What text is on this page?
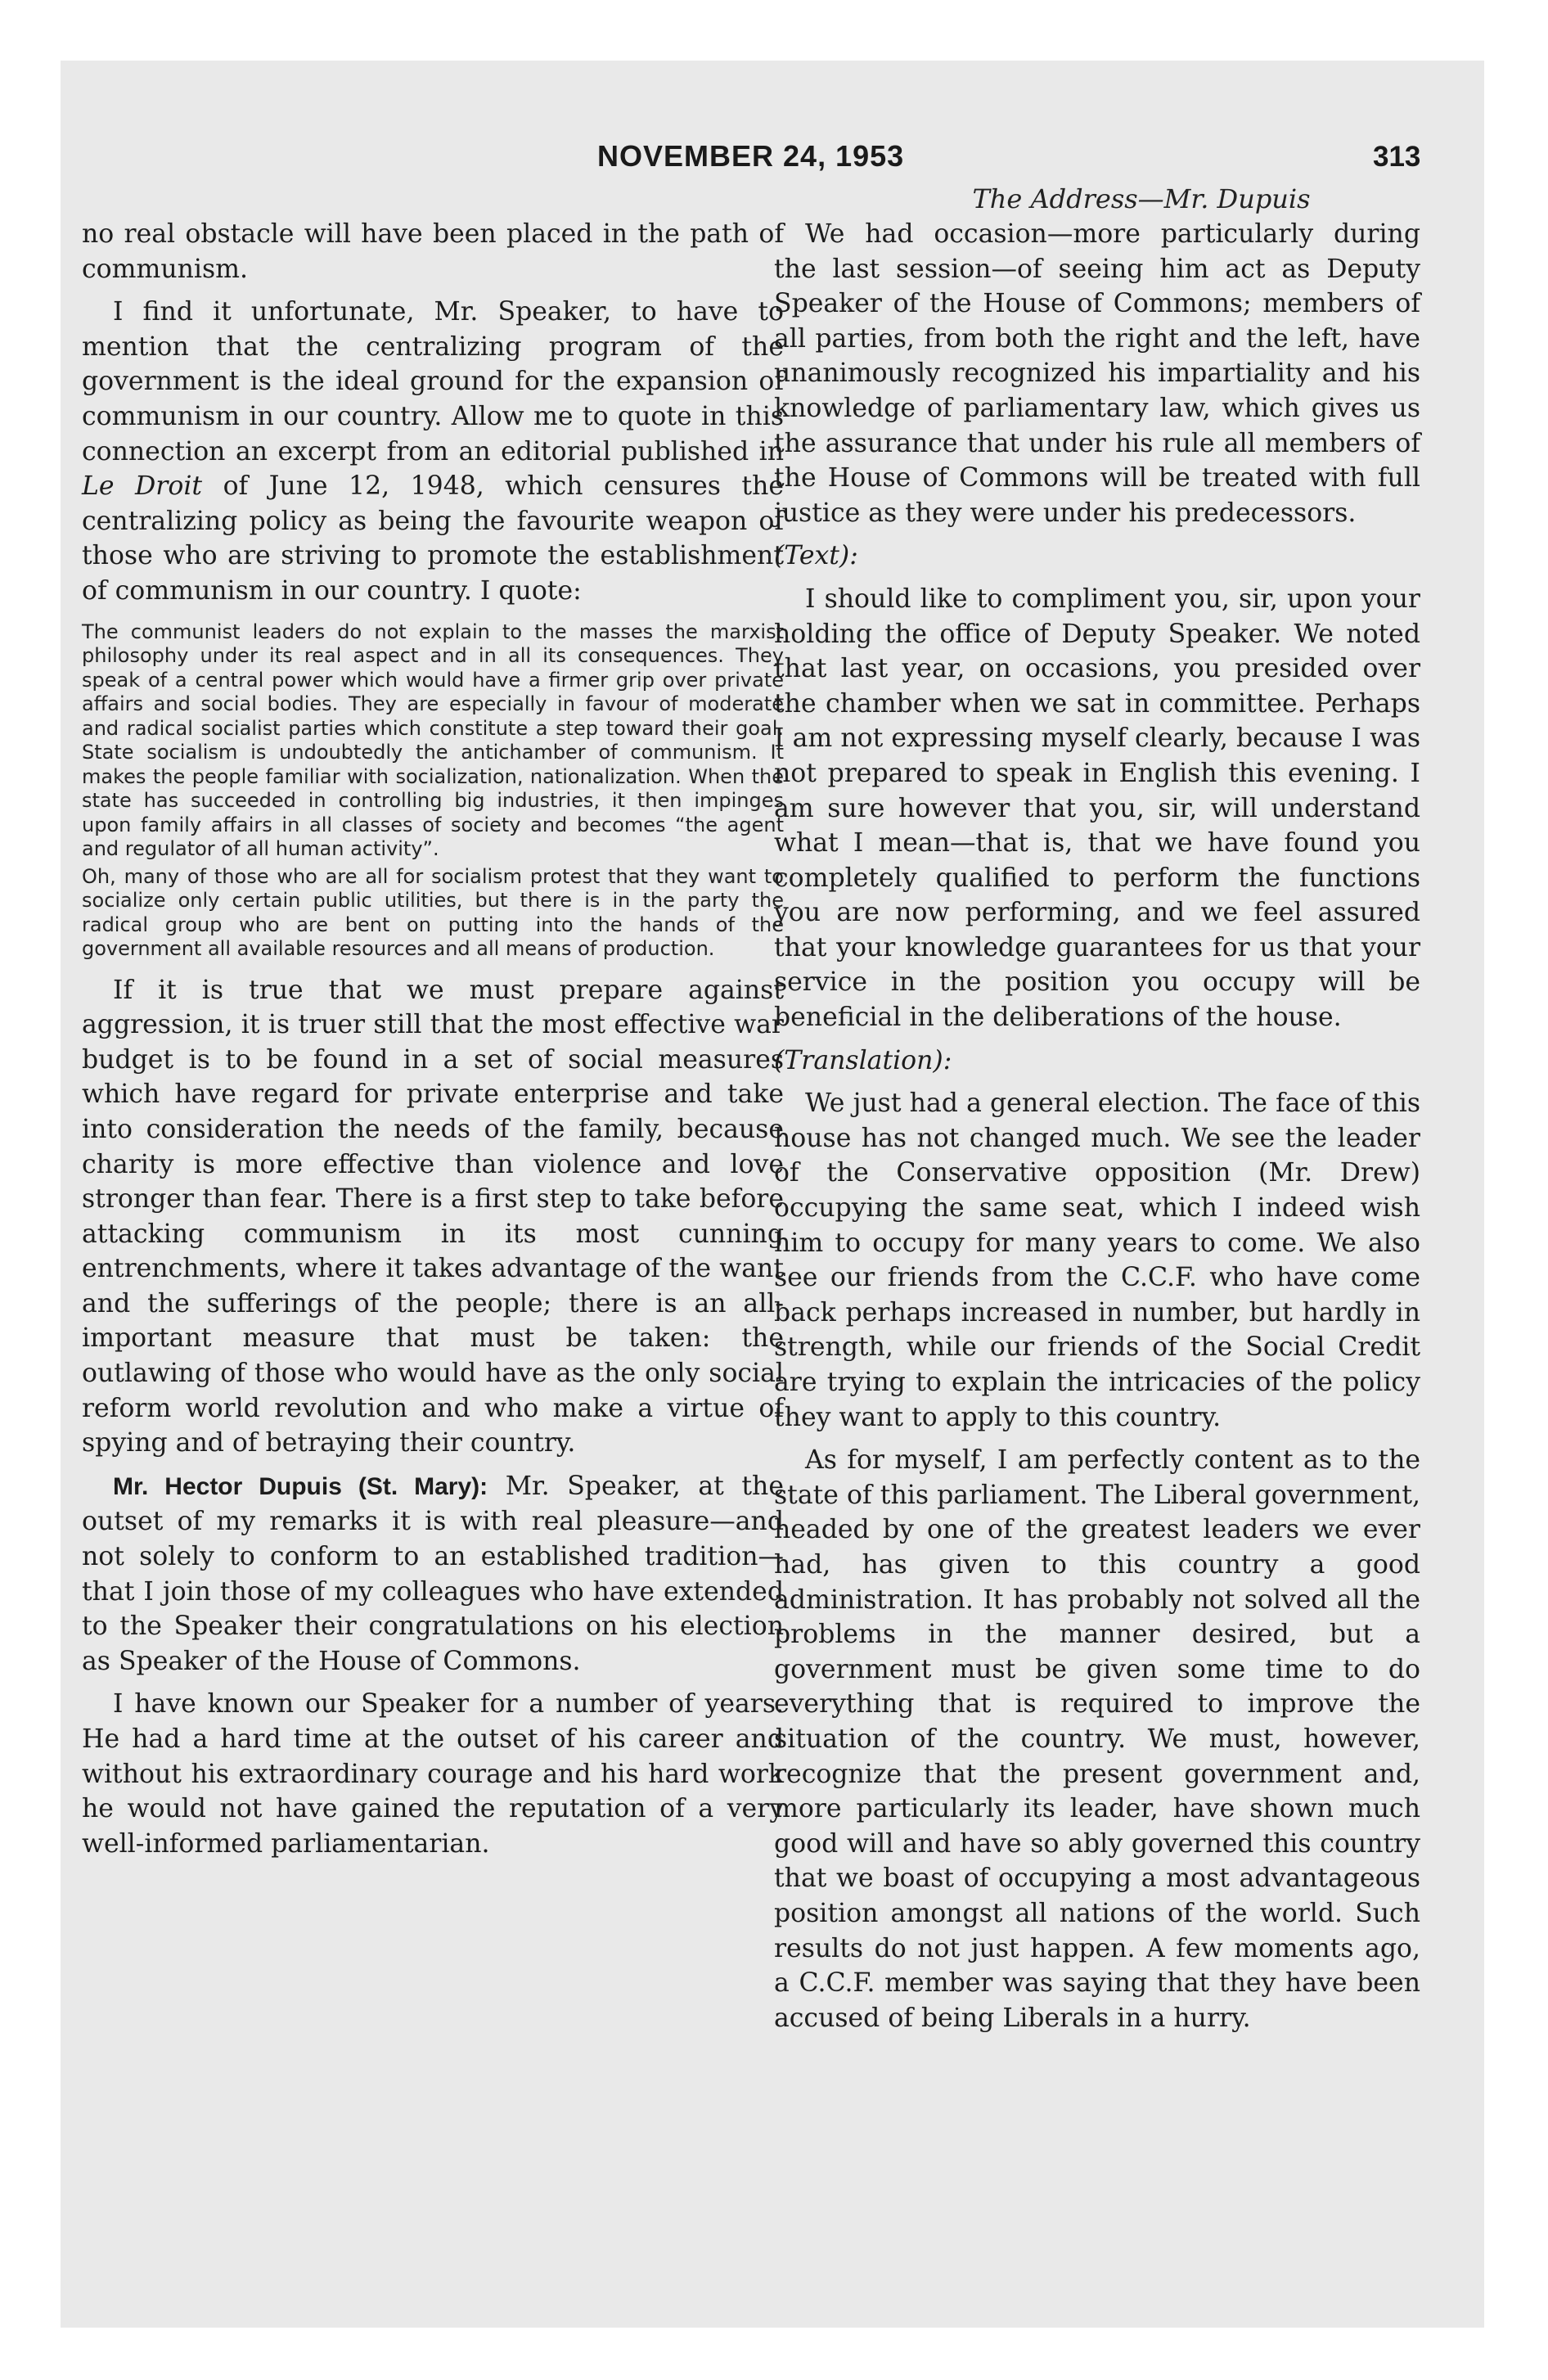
NOVEMBER 24, 1953	313
The Address—Mr. Dupuis

no real obstacle will have been placed in the path of communism.

I find it unfortunate, Mr. Speaker, to have to mention that the centralizing program of the government is the ideal ground for the expansion of communism in our country. Allow me to quote in this connection an excerpt from an editorial published in Le Droit of June 12, 1948, which censures the centralizing policy as being the favourite weapon of those who are striving to promote the establishment of communism in our country. I quote:

The communist leaders do not explain to the masses the marxist philosophy under its real aspect and in all its consequences. They speak of a central power which would have a firmer grip over private affairs and social bodies. They are especially in favour of moderate and radical socialist parties which constitute a step toward their goal. State socialism is undoubtedly the antichamber of communism. It makes the people familiar with socialization, nationalization. When the state has succeeded in controlling big industries, it then impinges upon family affairs in all classes of society and becomes “the agent and regulator of all human activity”.

Oh, many of those who are all for socialism protest that they want to socialize only certain public utilities, but there is in the party the radical group who are bent on putting into the hands of the government all available resources and all means of production.

If it is true that we must prepare against aggression, it is truer still that the most effective war budget is to be found in a set of social measures which have regard for private enterprise and take into consideration the needs of the family, because charity is more effective than violence and love stronger than fear. There is a first step to take before attacking communism in its most cunning entrenchments, where it takes advantage of the want and the sufferings of the people; there is an all-important measure that must be taken: the outlawing of those who would have as the only social reform world revolution and who make a virtue of spying and of betraying their country.

Mr. Hector Dupuis (St. Mary): Mr. Speaker, at the outset of my remarks it is with real pleasure—and not solely to conform to an established tradition—that I join those of my colleagues who have extended to the Speaker their congratulations on his election as Speaker of the House of Commons.

I have known our Speaker for a number of years. He had a hard time at the outset of his career and without his extraordinary courage and his hard work he would not have gained the reputation of a very well-informed parliamentarian.

We had occasion—more particularly during the last session—of seeing him act as Deputy Speaker of the House of Commons; members of all parties, from both the right and the left, have unanimously recognized his impartiality and his knowledge of parliamentary law, which gives us the assurance that under his rule all members of the House of Commons will be treated with full justice as they were under his predecessors.

(Text):

I should like to compliment you, sir, upon your holding the office of Deputy Speaker. We noted that last year, on occasions, you presided over the chamber when we sat in committee. Perhaps I am not expressing myself clearly, because I was not prepared to speak in English this evening. I am sure however that you, sir, will understand what I mean—that is, that we have found you completely qualified to perform the functions you are now performing, and we feel assured that your knowledge guarantees for us that your service in the position you occupy will be beneficial in the deliberations of the house.

(Translation):

We just had a general election. The face of this house has not changed much. We see the leader of the Conservative opposition (Mr. Drew) occupying the same seat, which I indeed wish him to occupy for many years to come. We also see our friends from the C.C.F. who have come back perhaps increased in number, but hardly in strength, while our friends of the Social Credit are trying to explain the intricacies of the policy they want to apply to this country.

As for myself, I am perfectly content as to the state of this parliament. The Liberal government, headed by one of the greatest leaders we ever had, has given to this country a good administration. It has probably not solved all the problems in the manner desired, but a government must be given some time to do everything that is required to improve the situation of the country. We must, however, recognize that the present government and, more particularly its leader, have shown much good will and have so ably governed this country that we boast of occupying a most advantageous position amongst all nations of the world. Such results do not just happen. A few moments ago, a C.C.F. member was saying that they have been accused of being Liberals in a hurry.
